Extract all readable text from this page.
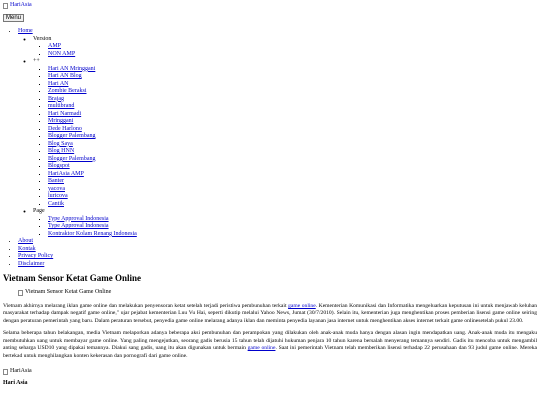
HariAsia
Menu
• Home
◦ Version
▪ AMP
▪ NON AMP
◦ ++
▪ Hari AN Mringgani
▪ Hari AN Blog
▪ Hari AN
▪ Zombie Beraksi
▪ Brajag
▪ multibrand
▪ Hari Narmadi
▪ Mringgani
▪ Dede Harlono
▪ Blogger Palembang
▪ Blog Saya
▪ Blog HNN
▪ Blogger Palembang
▪ Blogspot
▪ HariAsia AMP
▪ Banter
▪ yacova
▪ luricova
▪ Cantik
◦ Page
▪ Type Approval Indonesia
▪ Type Approval Indonesia
▪ Kontraktor Kolam Renang Indonesia
• About
• Kontak
• Privacy Policy
• Disclaimer
Vietnam Sensor Ketat Game Online
Vietnam Sensor Ketat Game Online

Vietnam akhirnya melarang iklan game online dan melakukan penyensoran ketat setelah terjadi peristiwa pembunuhan terkait game online. Kementerian Komunikasi dan Informatika mengeluarkan keputusan ini untuk menjawab keluhan masyarakat terhadap dampak negatif game online," ujar pejabat kementerian Luu Vu Hai, seperti dikutip melalui Yahoo News, Jumat (30/7/2010). Selain itu, kementerian juga menghentikan proses pemberian lisensi game online seiring dengan peraturan pemerintah yang baru. Dalam peraturan tersebut, penyedia game online melarang adanya iklan dan meminta penyedia layanan jasa internet untuk menghentikan akses internet terkait game onlinesetelah pukul 23.00.

Selama beberapa tahun belakangan, media Vietnam melaporkan adanya beberapa aksi pembunuhan dan perampokan yang dilakukan oleh anak-anak muda hanya dengan alasan ingin mendapatkan uang. Anak-anak muda itu mengaku membutuhkan uang untuk membayar game online. Yang paling mengejutkan, seorang gadis berusia 15 tahun telah dijatuhi hukuman penjara 10 tahun karena bersalah menyerang temannya sendiri. Gadis itu mencoba untuk mengambil anting seharga USD10 yang dipakai temannya. Diakui sang gadis, uang itu akan digunakan untuk bermain game online. Saat ini pemerintah Vietnam telah memberikan lisensi terhadap 22 perusahaan dan 93 judul game online. Mereka bertekad untuk menghilangkan konten kekerasan dan pornografi dari game online.

HariAsia
Hari Asia
